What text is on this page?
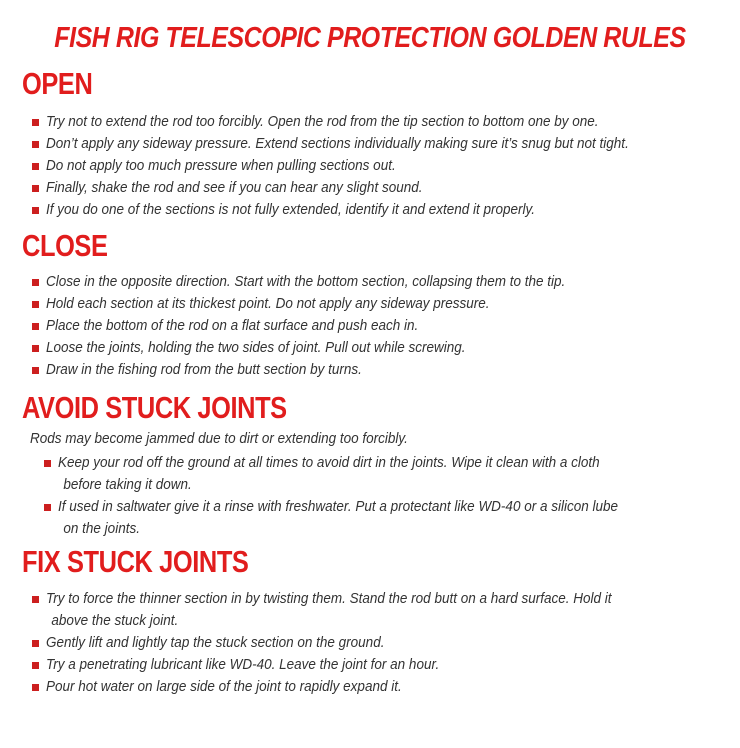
FISH RIG TELESCOPIC PROTECTION GOLDEN RULES
OPEN
Try not to extend the rod too forcibly. Open the rod from the tip section to bottom one by one.
Don’t apply any sideway pressure. Extend sections individually making sure it’s snug but not tight.
Do not apply too much pressure when pulling sections out.
Finally, shake the rod and see if you can hear any slight sound.
If you do one of the sections is not fully extended, identify it and extend it properly.
CLOSE
Close in the opposite direction. Start with the bottom section, collapsing them to the tip.
Hold each section at its thickest point. Do not apply any sideway pressure.
Place the bottom of the rod on a flat surface and push each in.
Loose the joints, holding the two sides of joint. Pull out while screwing.
Draw in the fishing rod from the butt section by turns.
AVOID STUCK JOINTS
Rods may become jammed due to dirt or extending too forcibly.
Keep your rod off the ground at all times to avoid dirt in the joints. Wipe it clean with a cloth
before taking it down.
If used in saltwater give it a rinse with freshwater. Put a protectant like WD-40 or a silicon lube
on the joints.
FIX STUCK JOINTS
Try to force the thinner section in by twisting them. Stand the rod butt on a hard surface. Hold it
above the stuck joint.
Gently lift and lightly tap the stuck section on the ground.
Try a penetrating lubricant like WD-40. Leave the joint for an hour.
Pour hot water on large side of the joint to rapidly expand it.
